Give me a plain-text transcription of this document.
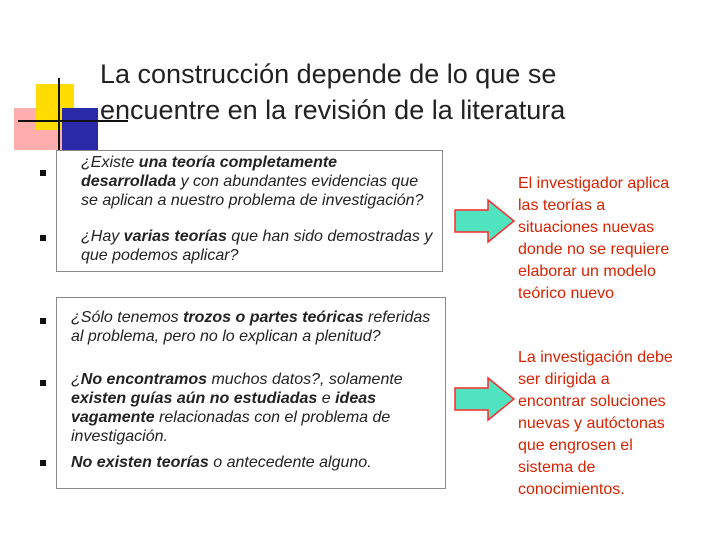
La construcción depende de lo que se
encuentre en la revisión de la literatura
¿Existe una teoría completamente desarrollada y con abundantes evidencias que se aplican a nuestro problema de investigación?
¿Hay varias teorías que han sido demostradas y que podemos aplicar?
¿Sólo tenemos trozos o partes teóricas referidas al problema, pero no lo explican a plenitud?
¿No encontramos muchos datos?, solamente existen guías aún no estudiadas e ideas vagamente relacionadas con el problema de investigación.
No existen teorías o antecedente alguno.
El investigador aplica
las teorías a
situaciones nuevas
donde no se requiere
elaborar un modelo
teórico nuevo
La investigación debe
ser dirigida a
encontrar soluciones
nuevas y autóctonas
que engrosen el
sistema de
conocimientos.
